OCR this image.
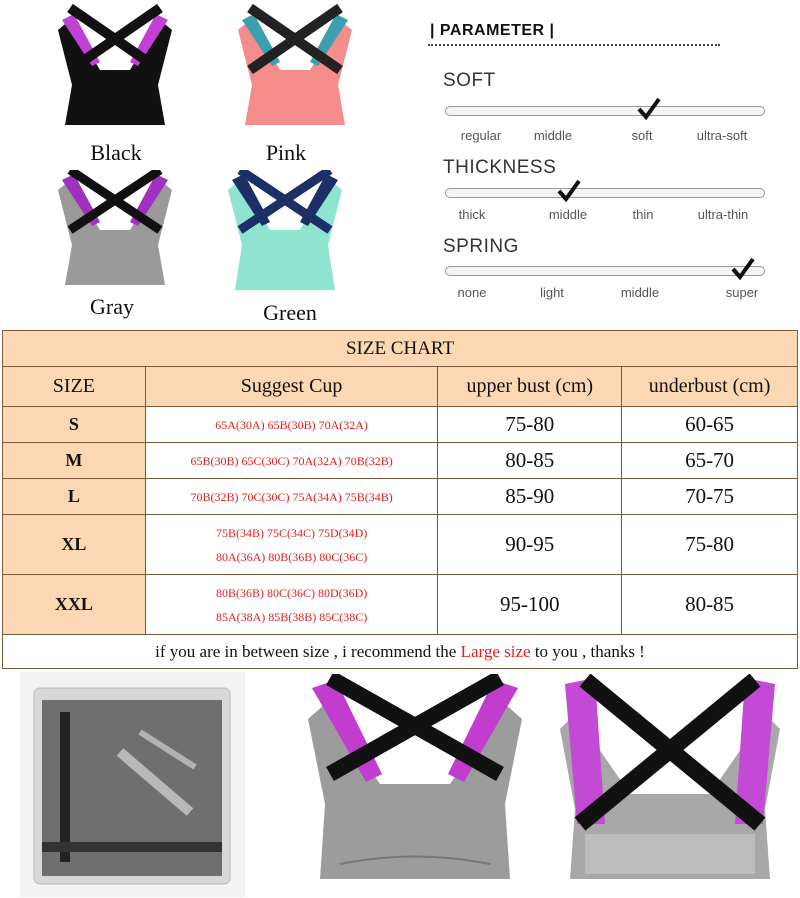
Black	Pink
Gray	Green
| PARAMETER |
SOFT
regular	middle	soft	ultra-soft
THICKNESS
thick	middle	thin	ultra-thin
SPRING
none	light	middle	super
SIZE CHART			
SIZE	Suggest Cup	upper bust (cm)	underbust (cm)
S	65A(30A) 65B(30B) 70A(32A)	75-80	60-65
M	65B(30B) 65C(30C) 70A(32A) 70B(32B)	80-85	65-70
L	70B(32B) 70C(30C) 75A(34A) 75B(34B)	85-90	70-75
XL	75B(34B) 75C(34C) 75D(34D)
80A(36A) 80B(36B) 80C(36C)	90-95	75-80
XXL	80B(36B) 80C(36C) 80D(36D)
85A(38A) 85B(38B) 85C(38C)	95-100	80-85
if you are in between size , i recommend the Large size to you , thanks !			
